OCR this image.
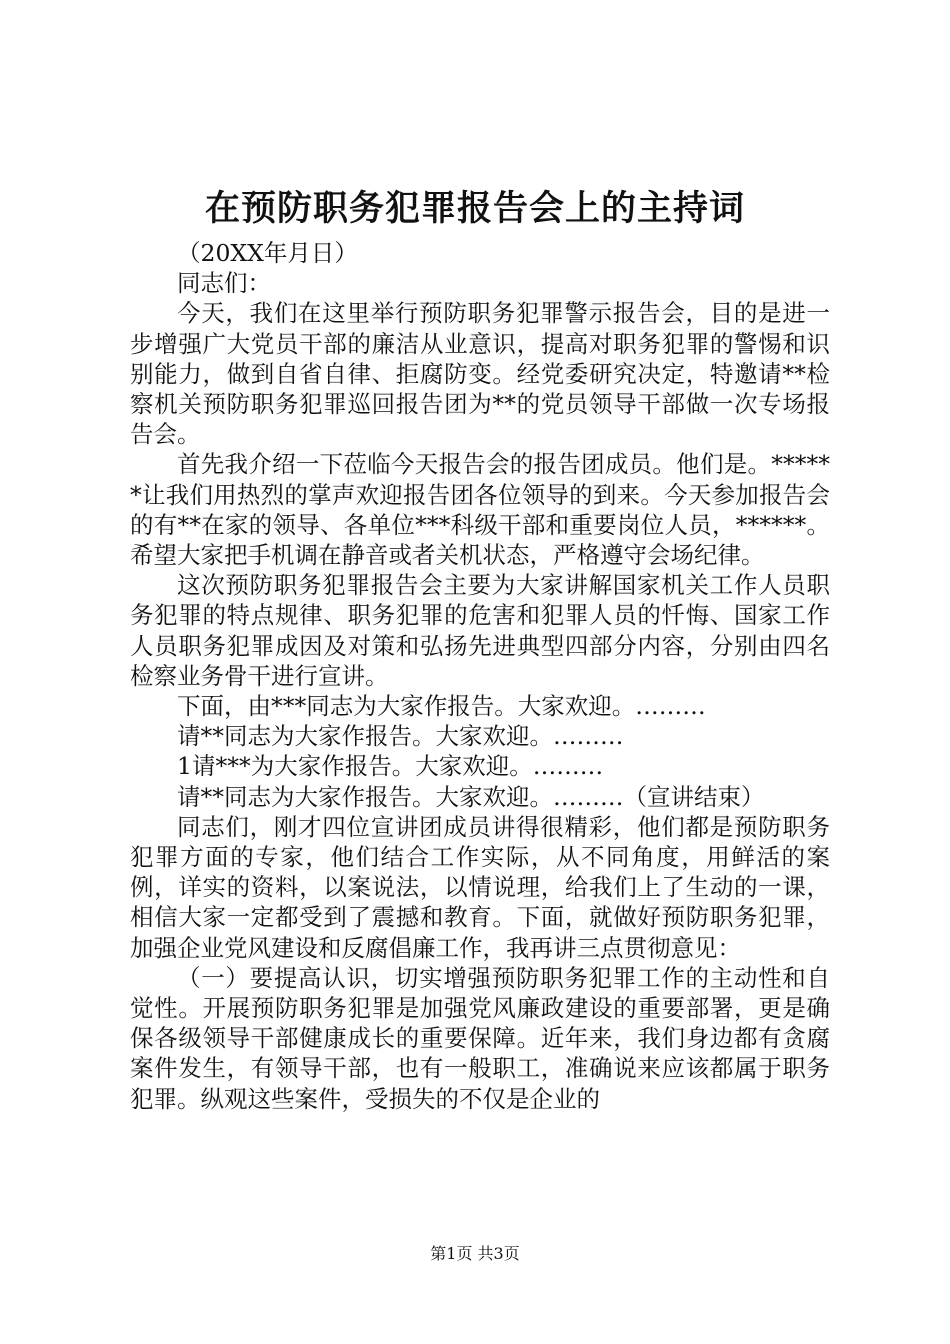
在预防职务犯罪报告会上的主持词

（20XX年月日）

同志们：

今天，我们在这里举行预防职务犯罪警示报告会，目的是进一步增强广大党员干部的廉洁从业意识，提高对职务犯罪的警惕和识别能力，做到自省自律、拒腐防变。经党委研究决定，特邀请**检察机关预防职务犯罪巡回报告团为**的党员领导干部做一次专场报告会。

首先我介绍一下莅临今天报告会的报告团成员。他们是。******让我们用热烈的掌声欢迎报告团各位领导的到来。今天参加报告会的有**在家的领导、各单位***科级干部和重要岗位人员，******。希望大家把手机调在静音或者关机状态，严格遵守会场纪律。

这次预防职务犯罪报告会主要为大家讲解国家机关工作人员职务犯罪的特点规律、职务犯罪的危害和犯罪人员的忏悔、国家工作人员职务犯罪成因及对策和弘扬先进典型四部分内容，分别由四名检察业务骨干进行宣讲。

下面，由***同志为大家作报告。大家欢迎。………

请**同志为大家作报告。大家欢迎。………

1请***为大家作报告。大家欢迎。………

请**同志为大家作报告。大家欢迎。………（宣讲结束）

同志们，刚才四位宣讲团成员讲得很精彩，他们都是预防职务犯罪方面的专家，他们结合工作实际，从不同角度，用鲜活的案例，详实的资料，以案说法，以情说理，给我们上了生动的一课，相信大家一定都受到了震撼和教育。下面，就做好预防职务犯罪，加强企业党风建设和反腐倡廉工作，我再讲三点贯彻意见：

（一）要提高认识，切实增强预防职务犯罪工作的主动性和自觉性。开展预防职务犯罪是加强党风廉政建设的重要部署，更是确保各级领导干部健康成长的重要保障。近年来，我们身边都有贪腐案件发生，有领导干部，也有一般职工，准确说来应该都属于职务犯罪。纵观这些案件，受损失的不仅是企业的

第1页 共3页
